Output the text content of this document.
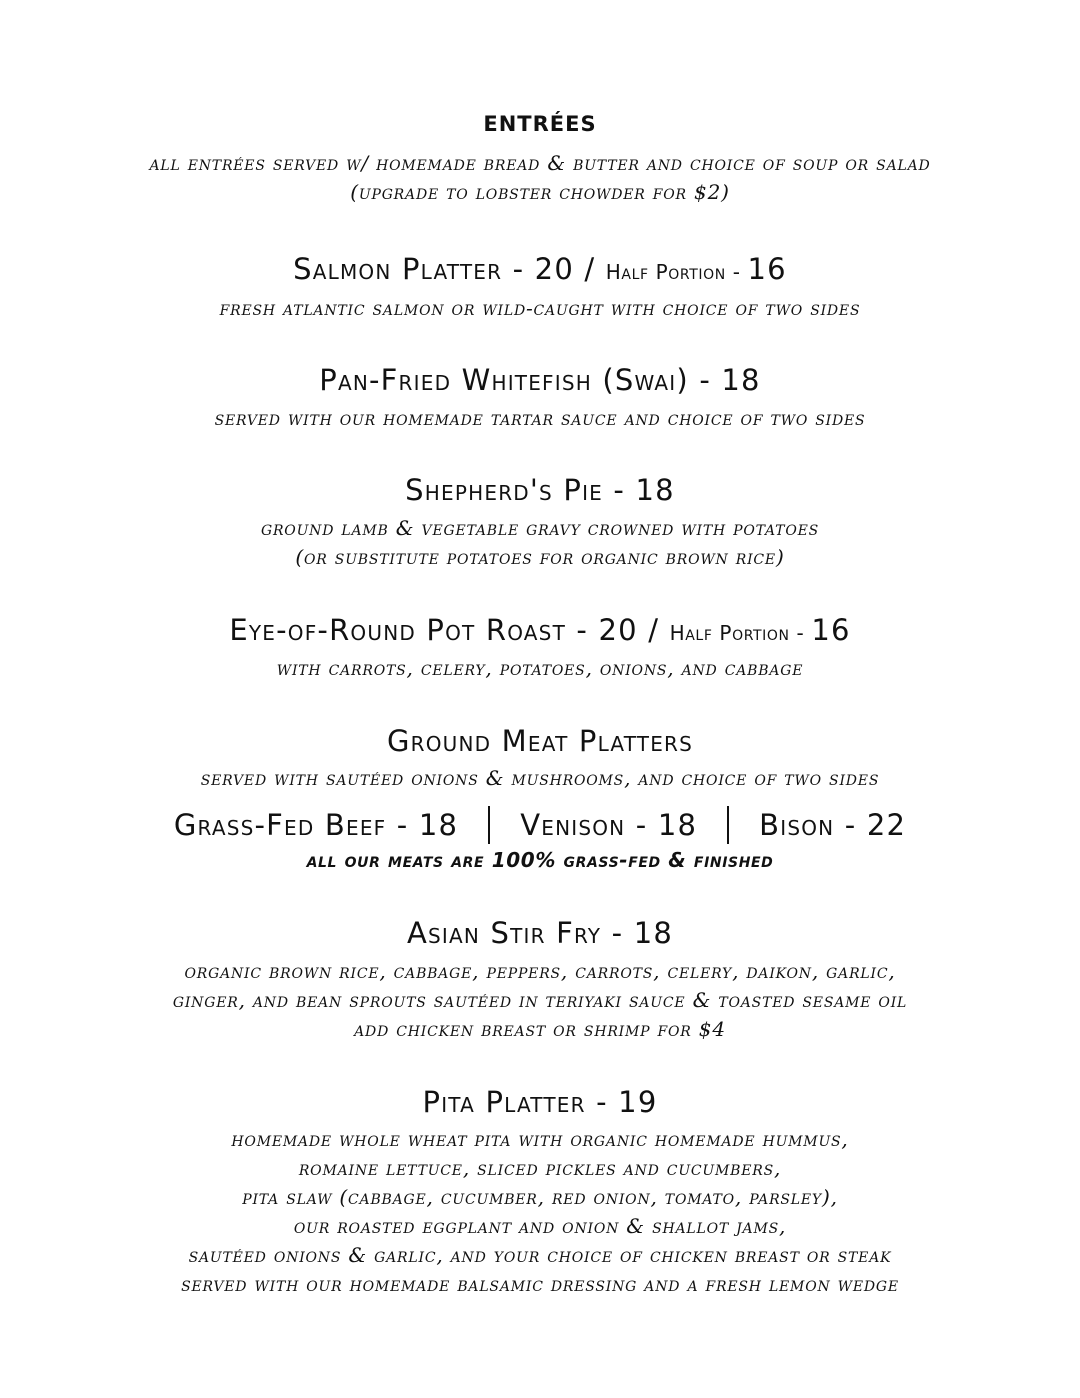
entrées
all entrées served w/ homemade bread & butter and choice of soup or salad
(upgrade to lobster chowder for $2)
Salmon Platter - 20 / Half Portion - 16
fresh atlantic salmon or wild-caught with choice of two sides
Pan-Fried Whitefish (Swai) - 18
served with our homemade tartar sauce and choice of two sides
Shepherd's Pie - 18
ground lamb & vegetable gravy crowned with potatoes
(or substitute potatoes for organic brown rice)
Eye-of-Round Pot Roast - 20 / Half Portion - 16
with carrots, celery, potatoes, onions, and cabbage
Ground Meat Platters
served with sautéed onions & mushrooms, and choice of two sides
Grass-Fed Beef - 18 Venison - 18 Bison - 22
all our meats are 100% grass-fed & finished
Asian Stir Fry - 18
organic brown rice, cabbage, peppers, carrots, celery, daikon, garlic,
ginger, and bean sprouts sautéed in teriyaki sauce & toasted sesame oil
add chicken breast or shrimp for $4
Pita Platter - 19
homemade whole wheat pita with organic homemade hummus,
romaine lettuce, sliced pickles and cucumbers,
pita slaw (cabbage, cucumber, red onion, tomato, parsley),
our roasted eggplant and onion & shallot jams,
sautéed onions & garlic, and your choice of chicken breast or steak
served with our homemade balsamic dressing and a fresh lemon wedge
